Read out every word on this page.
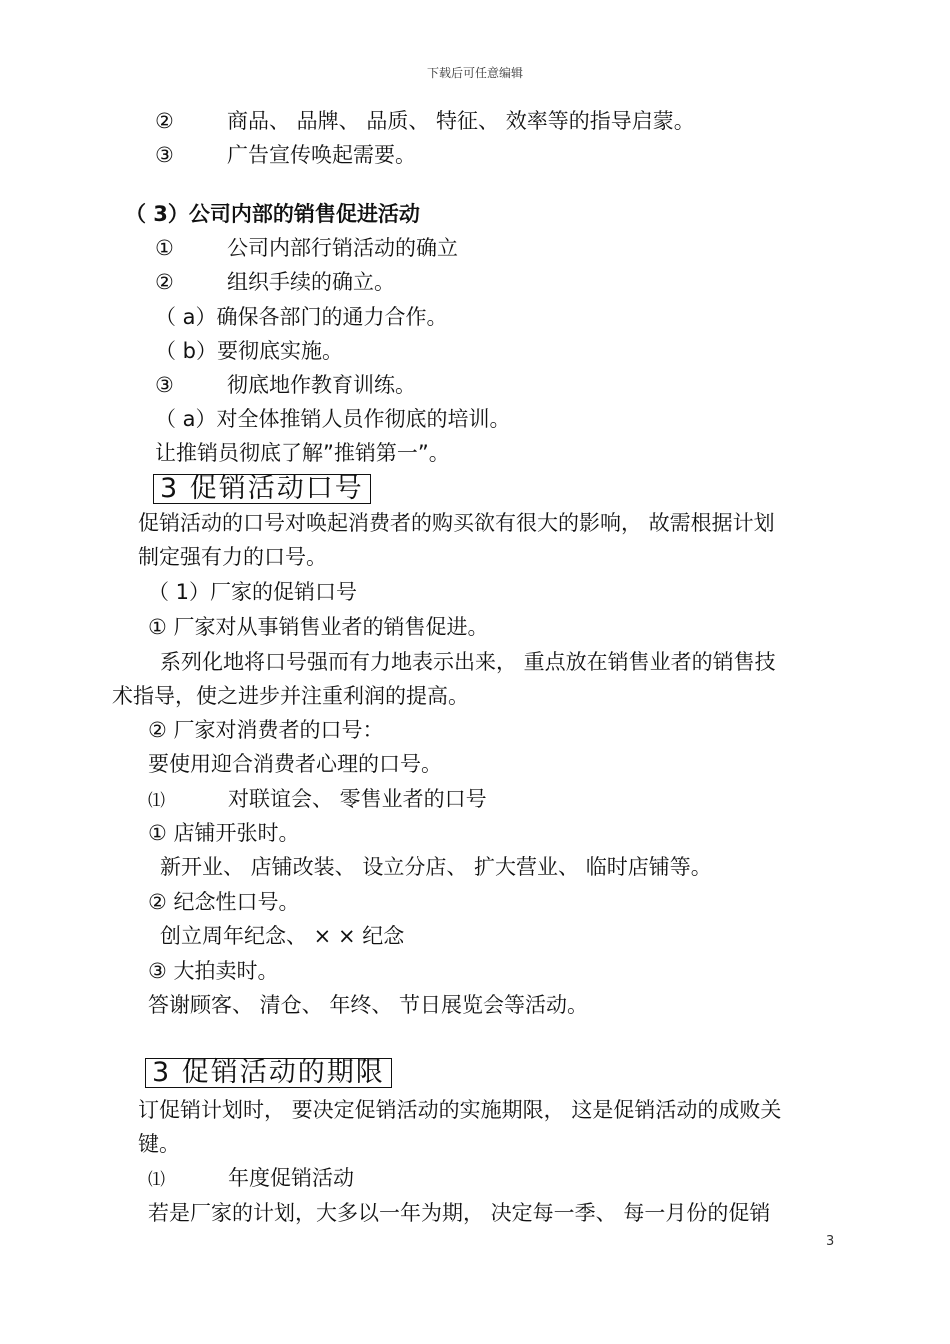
下载后可任意编辑
②	商品、 品牌、 品质、 特征、 效率等的指导启蒙。
③	广告宣传唤起需要。
（ 3）公司内部的销售促进活动
①	公司内部行销活动的确立
②	组织手续的确立。
（ a）确保各部门的通力合作。
（ b）要彻底实施。
③	彻底地作教育训练。
（ a）对全体推销人员作彻底的培训。
让推销员彻底了解”推销第一”。
3 促销活动口号
促销活动的口号对唤起消费者的购买欲有很大的影响， 故需根据计划
制定强有力的口号。
（ 1）厂家的促销口号
① 厂家对从事销售业者的销售促进。
系列化地将口号强而有力地表示出来， 重点放在销售业者的销售技
术指导，使之进步并注重利润的提高。
② 厂家对消费者的口号：
要使用迎合消费者心理的口号。
⑴	对联谊会、 零售业者的口号
① 店铺开张时。
新开业、 店铺改装、 设立分店、 扩大营业、 临时店铺等。
② 纪念性口号。
创立周年纪念、 × × 纪念
③ 大拍卖时。
答谢顾客、 清仓、 年终、 节日展览会等活动。
3 促销活动的期限
订促销计划时， 要决定促销活动的实施期限， 这是促销活动的成败关
键。
⑴	年度促销活动
若是厂家的计划，大多以一年为期， 决定每一季、 每一月份的促销
3
